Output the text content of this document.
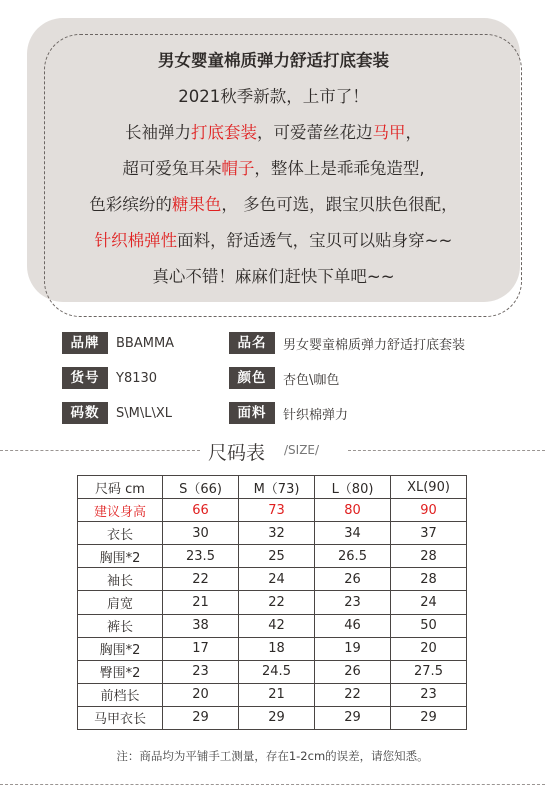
男女婴童棉质弹力舒适打底套装
2021秋季新款，上市了！
长袖弹力打底套装，可爱蕾丝花边马甲，
超可爱兔耳朵帽子，整体上是乖乖兔造型,
色彩缤纷的糖果色， 多色可选，跟宝贝肤色很配，
针织棉弹性面料，舒适透气，宝贝可以贴身穿~~
真心不错！麻麻们赶快下单吧~~
品牌	BBAMMA	品名	男女婴童棉质弹力舒适打底套装
货号	Y8130	颜色	杏色\咖色
码数	S\M\L\XL	面料	针织棉弹力
尺码表 /SIZE/
尺码 cm	S（66)	M（73)	L（80)	XL(90)
建议身高	66	73	80	90
衣长	30	32	34	37
胸围*2	23.5	25	26.5	28
袖长	22	24	26	28
肩宽	21	22	23	24
裤长	38	42	46	50
胸围*2	17	18	19	20
臀围*2	23	24.5	26	27.5
前档长	20	21	22	23
马甲衣长	29	29	29	29
注：商品均为平铺手工测量，存在1-2cm的误差，请您知悉。
